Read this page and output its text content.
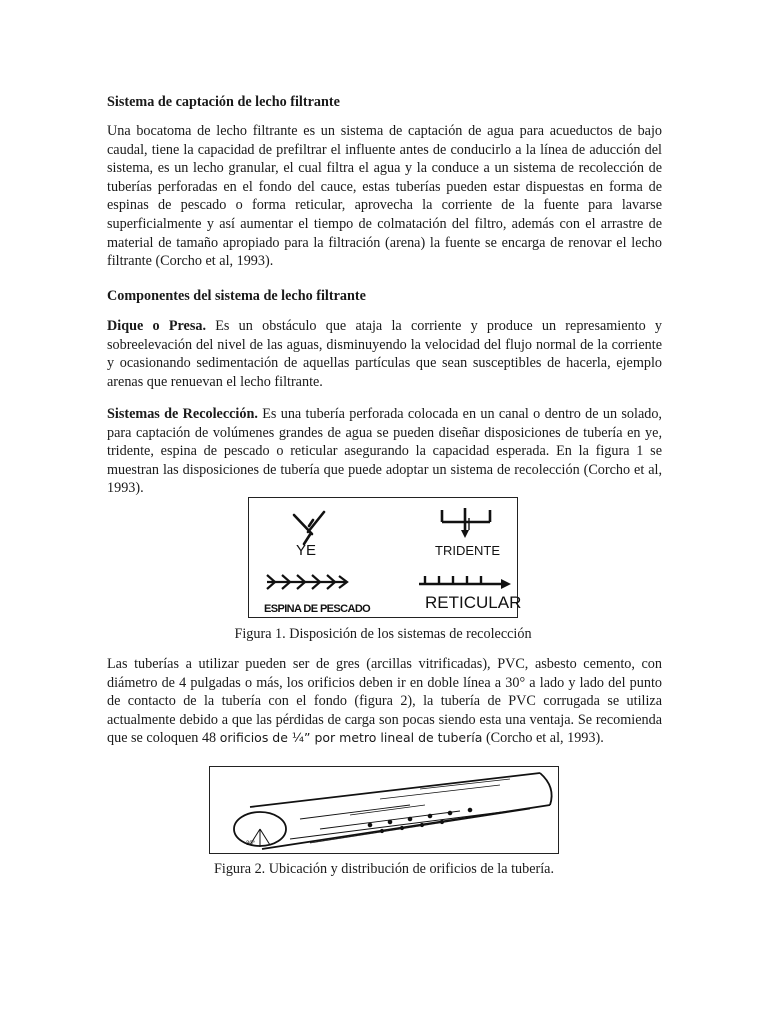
Sistema de captación de lecho filtrante
Una bocatoma de lecho filtrante es un sistema de captación de agua para acueductos de bajo caudal, tiene la capacidad de prefiltrar el influente antes de conducirlo a la línea de aducción del sistema, es un lecho granular, el cual filtra el agua y la conduce a un sistema de recolección de tuberías perforadas en el fondo del cauce, estas tuberías pueden estar dispuestas en forma de espinas de pescado o forma reticular, aprovecha la corriente de la fuente para lavarse superficialmente y así aumentar el tiempo de colmatación del filtro, además con el arrastre de material de tamaño apropiado para la filtración (arena) la fuente se encarga de renovar el lecho filtrante (Corcho et al, 1993).
Componentes del sistema de lecho filtrante
Dique o Presa. Es un obstáculo que ataja la corriente y produce un represamiento y sobreelevación del nivel de las aguas, disminuyendo la velocidad del flujo normal de la corriente y ocasionando sedimentación de aquellas partículas que sean susceptibles de hacerla, ejemplo arenas que renuevan el lecho filtrante.
Sistemas de Recolección. Es una tubería perforada colocada en un canal o dentro de un solado, para captación de volúmenes grandes de agua se pueden diseñar disposiciones de tubería en ye, tridente, espina de pescado o reticular asegurando la capacidad esperada. En la figura 1 se muestran las disposiciones de tubería que puede adoptar un sistema de recolección (Corcho et al, 1993).
YE	TRIDENTE
ESPINA DE PESCADO	RETICULAR
Figura 1. Disposición de los sistemas de recolección
Las tuberías a utilizar pueden ser de gres (arcillas vitrificadas), PVC, asbesto cemento, con diámetro de 4 pulgadas o más, los orificios deben ir en doble línea a 30° a lado y lado del punto de contacto de la tubería con el fondo (figura 2), la tubería de PVC corrugada se utiliza actualmente debido a que las pérdidas de carga son pocas siendo esta una ventaja. Se recomienda que se coloquen 48 orificios de ¼” por metro lineal de tubería (Corcho et al, 1993).
30°
Figura 2. Ubicación y distribución de orificios de la tubería.
